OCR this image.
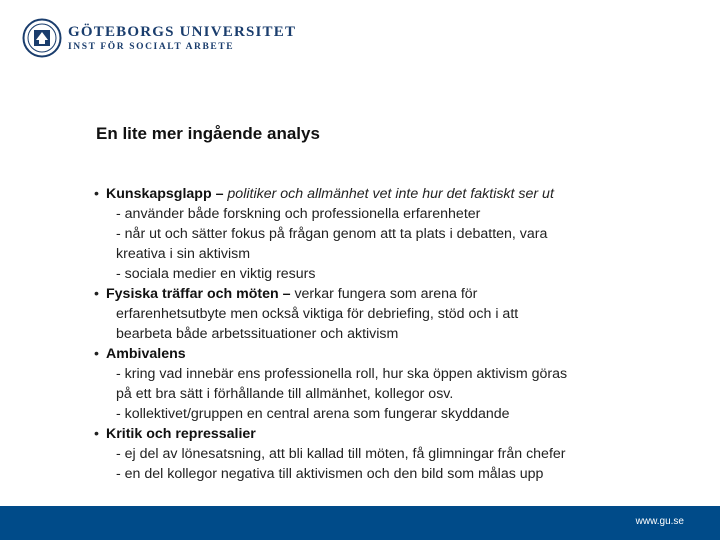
GÖTEBORGS UNIVERSITET
INST FÖR SOCIALT ARBETE
En lite mer ingående analys
• Kunskapsglapp – politiker och allmänhet vet inte hur det faktiskt ser ut
- använder både forskning och professionella erfarenheter
- når ut och sätter fokus på frågan genom att ta plats i debatten, vara
kreativa i sin aktivism
- sociala medier en viktig resurs
• Fysiska träffar och möten – verkar fungera som arena för
erfarenhetsutbyte men också viktiga för debriefing, stöd och i att
bearbeta både arbetssituationer och aktivism
• Ambivalens
- kring vad innebär ens professionella roll, hur ska öppen aktivism göras
på ett bra sätt i förhållande till allmänhet, kollegor osv.
- kollektivet/gruppen en central arena som fungerar skyddande
• Kritik och repressalier
- ej del av lönesatsning, att bli kallad till möten, få glimningar från chefer
- en del kollegor negativa till aktivismen och den bild som målas upp
www.gu.se
